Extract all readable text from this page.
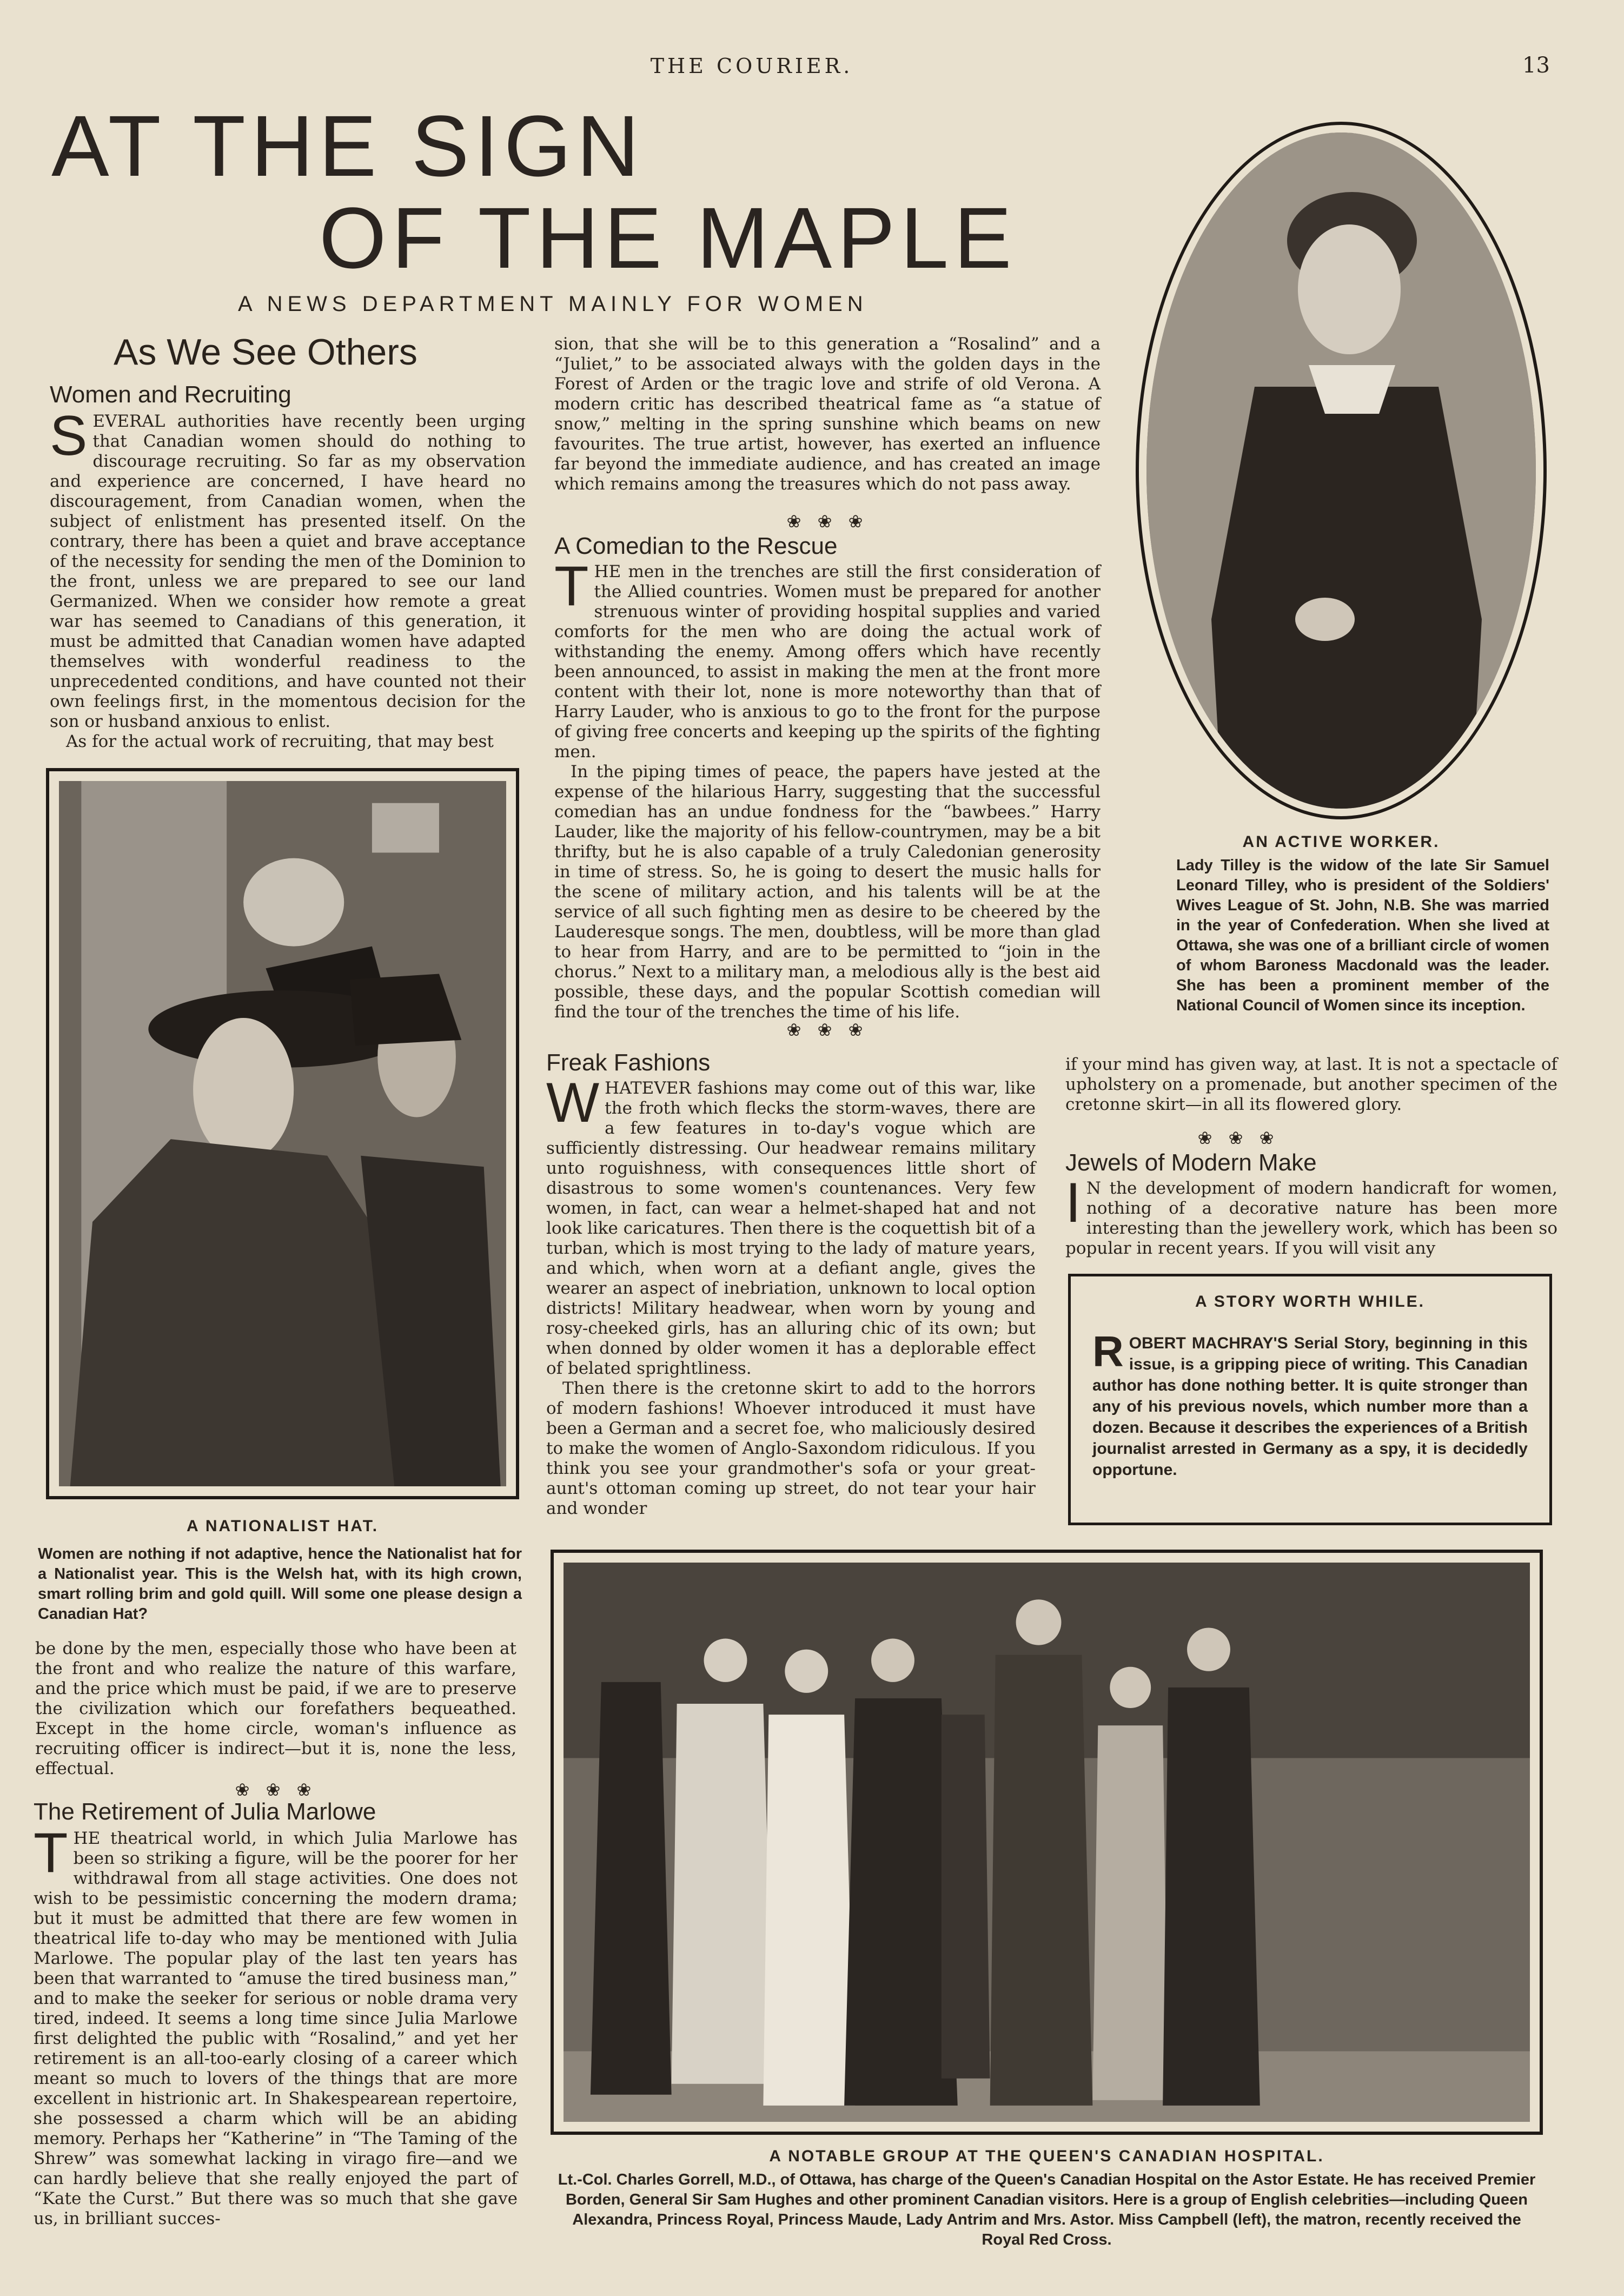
THE COURIER.	13
AT THE SIGN
OF THE MAPLE
A NEWS DEPARTMENT MAINLY FOR WOMEN
As We See Others
Women and Recruiting

SEVERAL authorities have recently been urging that Canadian women should do nothing to discourage recruiting. So far as my observation and experience are concerned, I have heard no discouragement, from Canadian women, when the subject of enlistment has presented itself. On the contrary, there has been a quiet and brave acceptance of the necessity for sending the men of the Dominion to the front, unless we are prepared to see our land Germanized. When we consider how remote a great war has seemed to Canadians of this generation, it must be admitted that Canadian women have adapted themselves with wonderful readiness to the unprecedented conditions, and have counted not their own feelings first, in the momentous decision for the son or husband anxious to enlist.

As for the actual work of recruiting, that may best

A NATIONALIST HAT.
Women are nothing if not adaptive, hence the Nationalist hat for a Nationalist year. This is the Welsh hat, with its high crown, smart rolling brim and gold quill. Will some one please design a Canadian Hat?

be done by the men, especially those who have been at the front and who realize the nature of this warfare, and the price which must be paid, if we are to preserve the civilization which our forefathers bequeathed. Except in the home circle, woman's influence as recruiting officer is indirect—but it is, none the less, effectual.

❀ ❀ ❀
The Retirement of Julia Marlowe

THE theatrical world, in which Julia Marlowe has been so striking a figure, will be the poorer for her withdrawal from all stage activities. One does not wish to be pessimistic concerning the modern drama; but it must be admitted that there are few women in theatrical life to-day who may be mentioned with Julia Marlowe. The popular play of the last ten years has been that warranted to “amuse the tired business man,” and to make the seeker for serious or noble drama very tired, indeed. It seems a long time since Julia Marlowe first delighted the public with “Rosalind,” and yet her retirement is an all-too-early closing of a career which meant so much to lovers of the things that are more excellent in histrionic art. In Shakespearean repertoire, she possessed a charm which will be an abiding memory. Perhaps her “Katherine” in “The Taming of the Shrew” was somewhat lacking in virago fire—and we can hardly believe that she really enjoyed the part of “Kate the Curst.” But there was so much that she gave us, in brilliant succes-

sion, that she will be to this generation a “Rosalind” and a “Juliet,” to be associated always with the golden days in the Forest of Arden or the tragic love and strife of old Verona. A modern critic has described theatrical fame as “a statue of snow,” melting in the spring sunshine which beams on new favourites. The true artist, however, has exerted an influence far beyond the immediate audience, and has created an image which remains among the treasures which do not pass away.

❀ ❀ ❀
A Comedian to the Rescue

THE men in the trenches are still the first consideration of the Allied countries. Women must be prepared for another strenuous winter of providing hospital supplies and varied comforts for the men who are doing the actual work of withstanding the enemy. Among offers which have recently been announced, to assist in making the men at the front more content with their lot, none is more noteworthy than that of Harry Lauder, who is anxious to go to the front for the purpose of giving free concerts and keeping up the spirits of the fighting men.

In the piping times of peace, the papers have jested at the expense of the hilarious Harry, suggesting that the successful comedian has an undue fondness for the “bawbees.” Harry Lauder, like the majority of his fellow-countrymen, may be a bit thrifty, but he is also capable of a truly Caledonian generosity in time of stress. So, he is going to desert the music halls for the scene of military action, and his talents will be at the service of all such fighting men as desire to be cheered by the Lauderesque songs. The men, doubtless, will be more than glad to hear from Harry, and are to be permitted to “join in the chorus.” Next to a military man, a melodious ally is the best aid possible, these days, and the popular Scottish comedian will find the tour of the trenches the time of his life.

❀ ❀ ❀
AN ACTIVE WORKER.
Lady Tilley is the widow of the late Sir Samuel Leonard Tilley, who is president of the Soldiers' Wives League of St. John, N.B. She was married in the year of Confederation. When she lived at Ottawa, she was one of a brilliant circle of women of whom Baroness Macdonald was the leader. She has been a prominent member of the National Council of Women since its inception.
Freak Fashions

WHATEVER fashions may come out of this war, like the froth which flecks the storm-waves, there are a few features in to-day's vogue which are sufficiently distressing. Our headwear remains military unto roguishness, with consequences little short of disastrous to some women's countenances. Very few women, in fact, can wear a helmet-shaped hat and not look like caricatures. Then there is the coquettish bit of a turban, which is most trying to the lady of mature years, and which, when worn at a defiant angle, gives the wearer an aspect of inebriation, unknown to local option districts! Military headwear, when worn by young and rosy-cheeked girls, has an alluring chic of its own; but when donned by older women it has a deplorable effect of belated sprightliness.

Then there is the cretonne skirt to add to the horrors of modern fashions! Whoever introduced it must have been a German and a secret foe, who maliciously desired to make the women of Anglo-Saxondom ridiculous. If you think you see your grandmother's sofa or your great-aunt's ottoman coming up street, do not tear your hair and wonder

if your mind has given way, at last. It is not a spectacle of upholstery on a promenade, but another specimen of the cretonne skirt—in all its flowered glory.

❀ ❀ ❀
Jewels of Modern Make

I N the development of modern handicraft for women, nothing of a decorative nature has been more interesting than the jewellery work, which has been so popular in recent years. If you will visit any

A STORY WORTH WHILE.
ROBERT MACHRAY'S Serial Story, beginning in this issue, is a gripping piece of writing. This Canadian author has done nothing better. It is quite stronger than any of his previous novels, which number more than a dozen. Because it describes the experiences of a British journalist arrested in Germany as a spy, it is decidedly opportune.
A NOTABLE GROUP AT THE QUEEN'S CANADIAN HOSPITAL.
Lt.-Col. Charles Gorrell, M.D., of Ottawa, has charge of the Queen's Canadian Hospital on the Astor Estate. He has received Premier Borden, General Sir Sam Hughes and other prominent Canadian visitors. Here is a group of English celebrities—including Queen Alexandra, Princess Royal, Princess Maude, Lady Antrim and Mrs. Astor. Miss Campbell (left), the matron, recently received the Royal Red Cross.
